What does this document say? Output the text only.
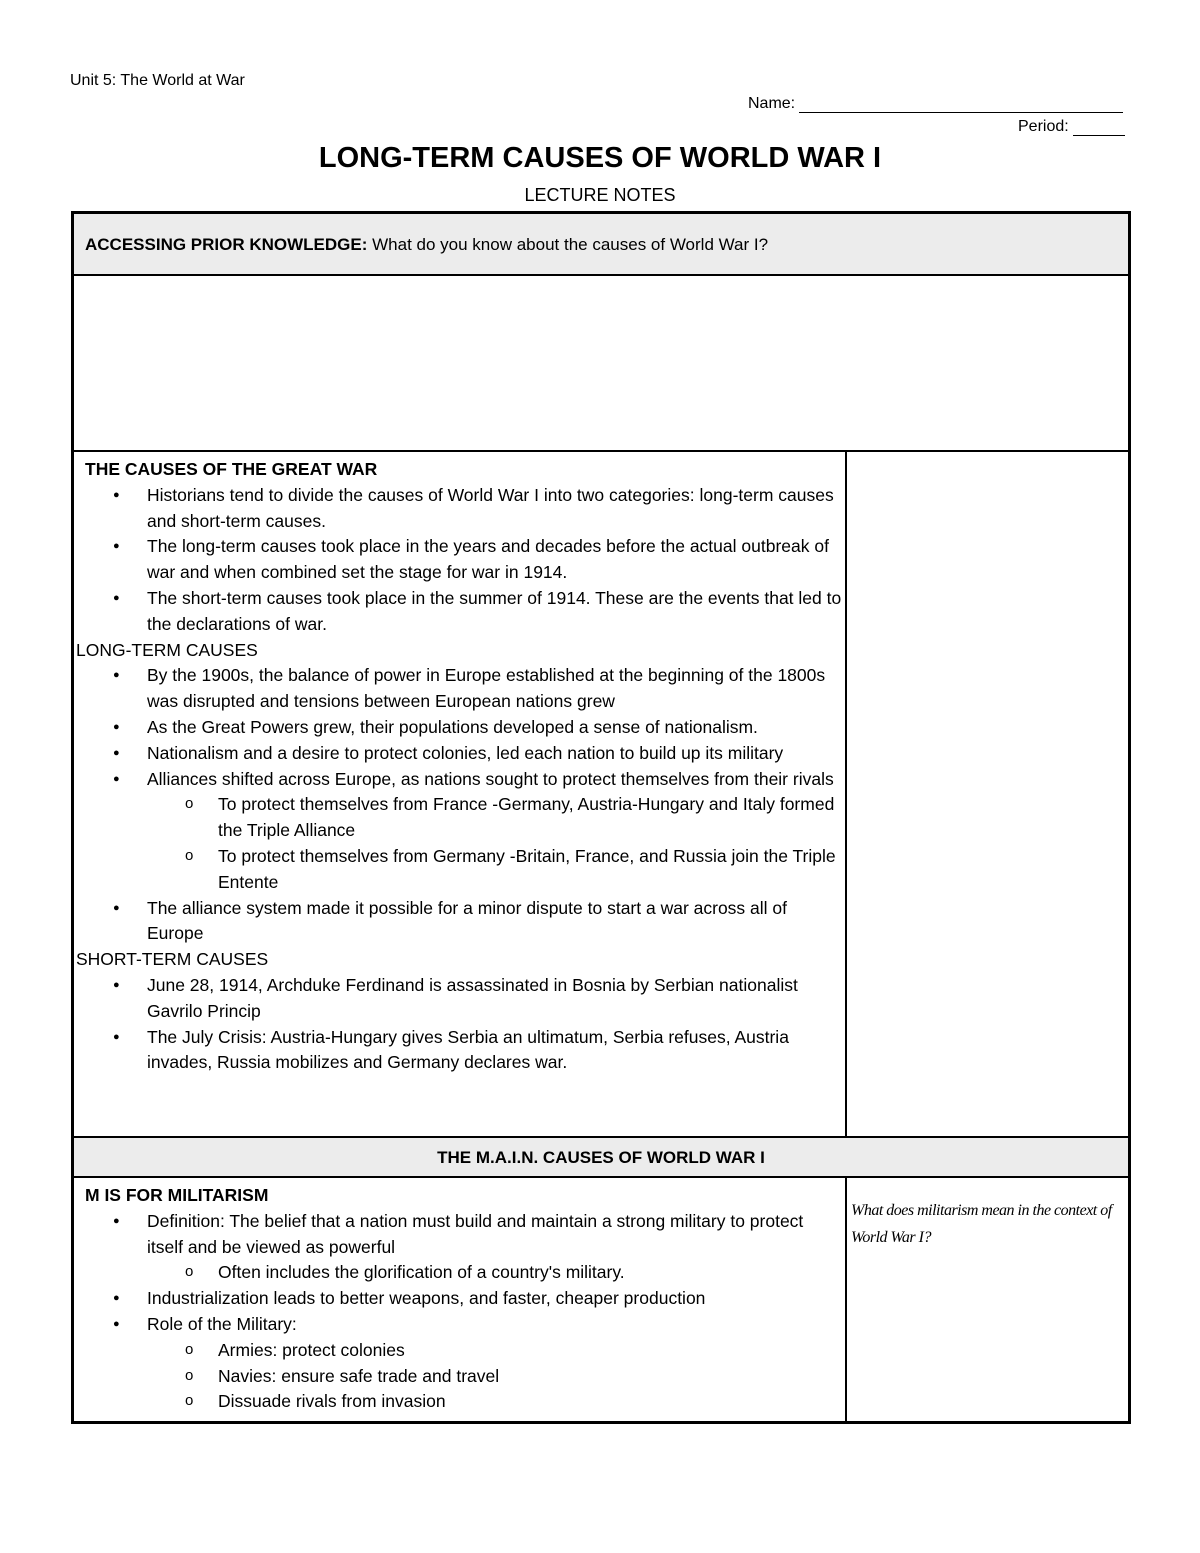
Unit 5: The World at War
Name:
Period:
LONG-TERM CAUSES OF WORLD WAR I
LECTURE NOTES
ACCESSING PRIOR KNOWLEDGE: What do you know about the causes of World War I?
THE CAUSES OF THE GREAT WAR
● Historians tend to divide the causes of World War I into two categories: long-term causes and short-term causes.
● The long-term causes took place in the years and decades before the actual outbreak of war and when combined set the stage for war in 1914.
● The short-term causes took place in the summer of 1914. These are the events that led to the declarations of war.
LONG-TERM CAUSES
● By the 1900s, the balance of power in Europe established at the beginning of the 1800s was disrupted and tensions between European nations grew
● As the Great Powers grew, their populations developed a sense of nationalism.
● Nationalism and a desire to protect colonies, led each nation to build up its military
● Alliances shifted across Europe, as nations sought to protect themselves from their rivals
o To protect themselves from France -Germany, Austria-Hungary and Italy formed the Triple Alliance
o To protect themselves from Germany -Britain, France, and Russia join the Triple Entente
● The alliance system made it possible for a minor dispute to start a war across all of Europe
SHORT-TERM CAUSES
● June 28, 1914, Archduke Ferdinand is assassinated in Bosnia by Serbian nationalist Gavrilo Princip
● The July Crisis: Austria-Hungary gives Serbia an ultimatum, Serbia refuses, Austria invades, Russia mobilizes and Germany declares war.
THE M.A.I.N. CAUSES OF WORLD WAR I
M IS FOR MILITARISM
● Definition: The belief that a nation must build and maintain a strong military to protect itself and be viewed as powerful
o Often includes the glorification of a country's military.
● Industrialization leads to better weapons, and faster, cheaper production
● Role of the Military:
o Armies: protect colonies
o Navies: ensure safe trade and travel
o Dissuade rivals from invasion
What does militarism mean in the context of World War I?
